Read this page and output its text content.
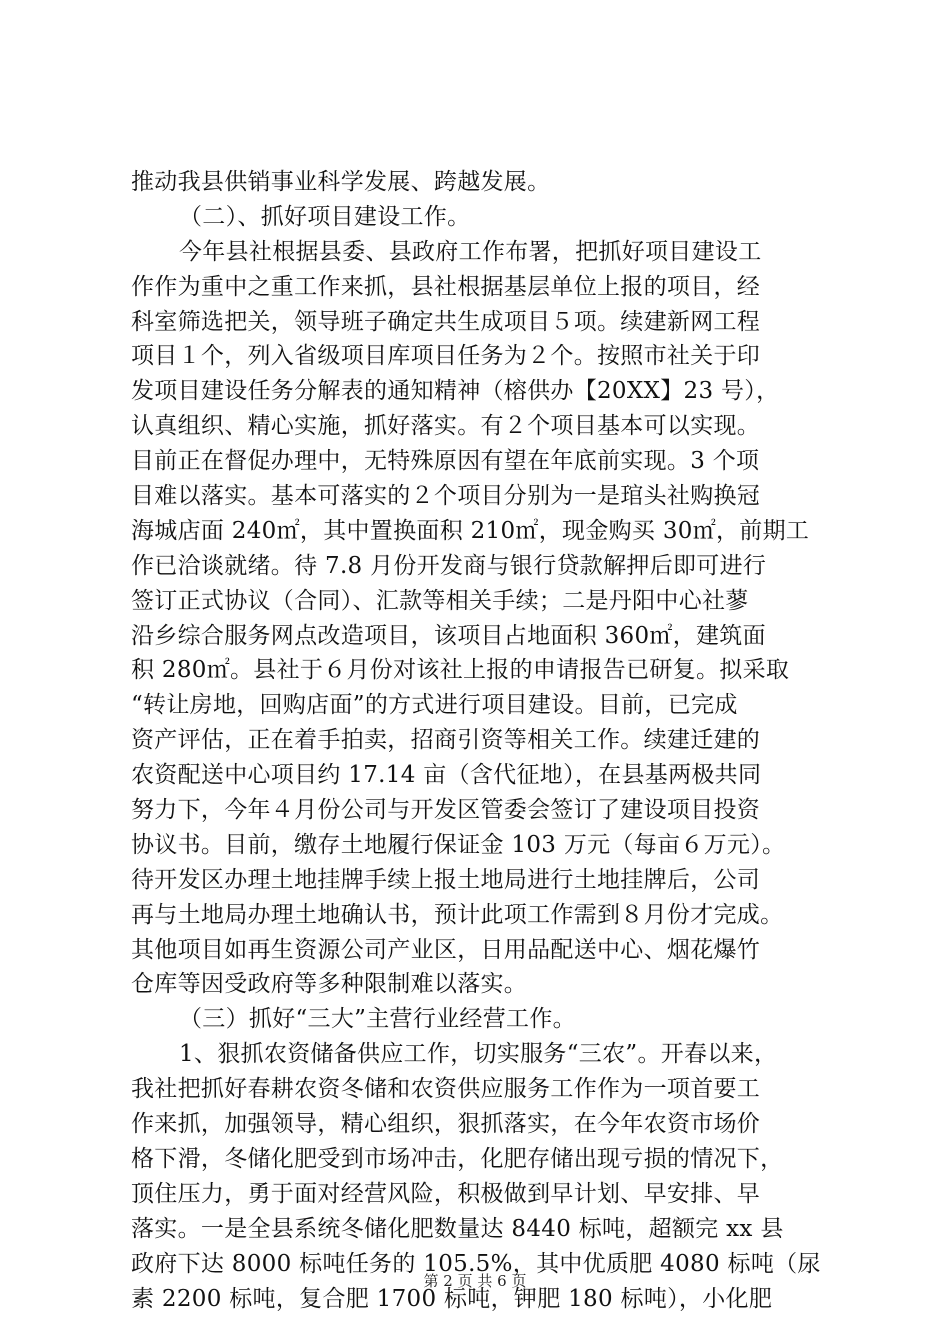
推动我县供销事业科学发展、跨越发展。
（二）、抓好项目建设工作。
今年县社根据县委、县政府工作布署，把抓好项目建设工
作作为重中之重工作来抓，县社根据基层单位上报的项目，经
科室筛选把关，领导班子确定共生成项目５项。续建新网工程
项目１个，列入省级项目库项目任务为２个。按照市社关于印
发项目建设任务分解表的通知精神（榕供办【20XX】23 号），
认真组织、精心实施，抓好落实。有２个项目基本可以实现。
目前正在督促办理中，无特殊原因有望在年底前实现。3 个项
目难以落实。基本可落实的２个项目分别为一是琯头社购换冠
海城店面 240㎡，其中置换面积 210㎡，现金购买 30㎡，前期工
作已洽谈就绪。待 7.8 月份开发商与银行贷款解押后即可进行
签订正式协议（合同）、汇款等相关手续；二是丹阳中心社蓼
沿乡综合服务网点改造项目，该项目占地面积 360㎡，建筑面
积 280㎡。县社于６月份对该社上报的申请报告已研复。拟采取
“转让房地，回购店面”的方式进行项目建设。目前，已完成
资产评估，正在着手拍卖，招商引资等相关工作。续建迁建的
农资配送中心项目约 17.14 亩（含代征地），在县基两极共同
努力下，今年４月份公司与开发区管委会签订了建设项目投资
协议书。目前，缴存土地履行保证金 103 万元（每亩６万元）。
待开发区办理土地挂牌手续上报土地局进行土地挂牌后，公司
再与土地局办理土地确认书，预计此项工作需到８月份才完成。
其他项目如再生资源公司产业区，日用品配送中心、烟花爆竹
仓库等因受政府等多种限制难以落实。
（三）抓好“三大”主营行业经营工作。
1、狠抓农资储备供应工作，切实服务“三农”。开春以来，
我社把抓好春耕农资冬储和农资供应服务工作作为一项首要工
作来抓，加强领导，精心组织，狠抓落实，在今年农资市场价
格下滑，冬储化肥受到市场冲击，化肥存储出现亏损的情况下，
顶住压力，勇于面对经营风险，积极做到早计划、早安排、早
落实。一是全县系统冬储化肥数量达 8440 标吨，超额完 xx 县
政府下达 8000 标吨任务的 105.5%，其中优质肥 4080 标吨（尿
素 2200 标吨，复合肥 1700 标吨，钾肥 180 标吨），小化肥
第 2 页 共 6 页
